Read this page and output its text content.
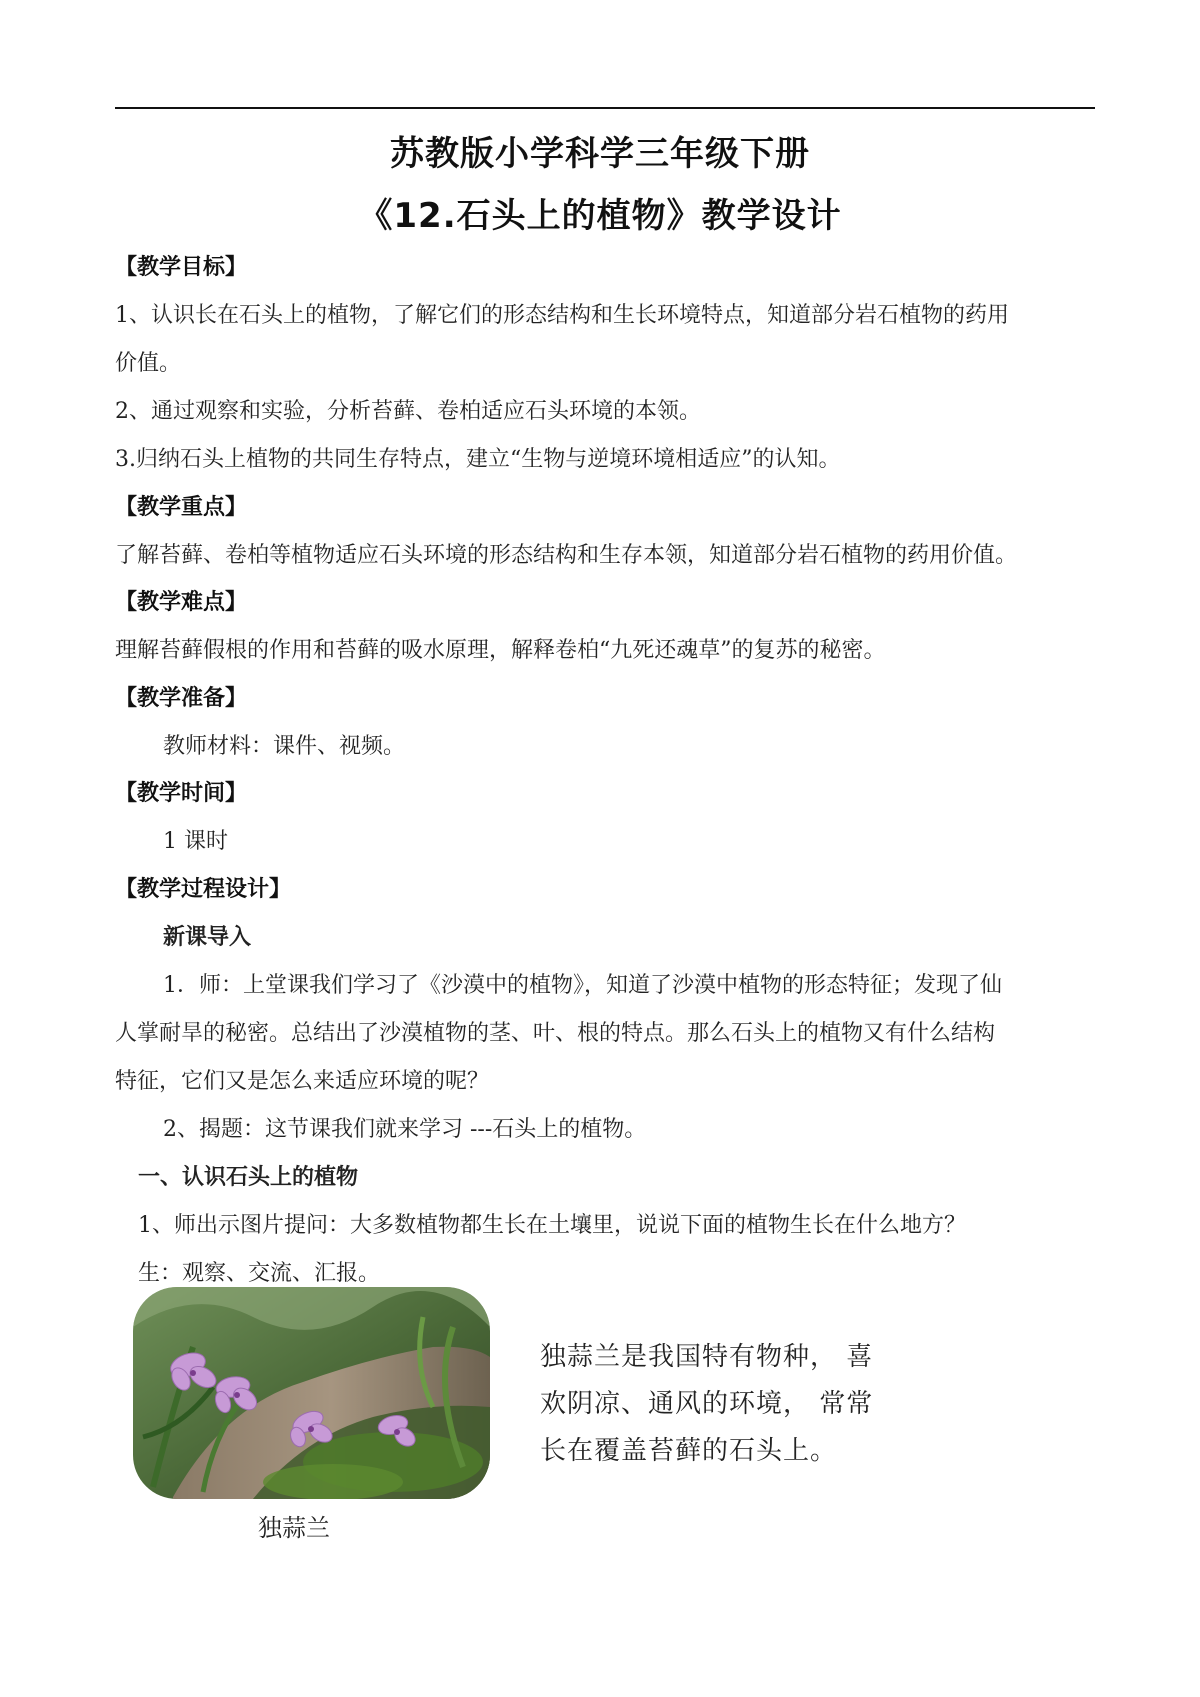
苏教版小学科学三年级下册
《12.石头上的植物》教学设计
【教学目标】
1、认识长在石头上的植物，了解它们的形态结构和生长环境特点，知道部分岩石植物的药用
价值。
2、通过观察和实验，分析苔藓、卷柏适应石头环境的本领。
3.归纳石头上植物的共同生存特点，建立“生物与逆境环境相适应”的认知。
【教学重点】
了解苔藓、卷柏等植物适应石头环境的形态结构和生存本领，知道部分岩石植物的药用价值。
【教学难点】
理解苔藓假根的作用和苔藓的吸水原理，解释卷柏“九死还魂草”的复苏的秘密。
【教学准备】
教师材料：课件、视频。
【教学时间】
1 课时
【教学过程设计】
新课导入
1．师：上堂课我们学习了《沙漠中的植物》，知道了沙漠中植物的形态特征；发现了仙
人掌耐旱的秘密。总结出了沙漠植物的茎、叶、根的特点。那么石头上的植物又有什么结构
特征，它们又是怎么来适应环境的呢？
2、揭题：这节课我们就来学习 ---石头上的植物。
一、认识石头上的植物
1、师出示图片提问：大多数植物都生长在土壤里，说说下面的植物生长在什么地方？
生：观察、交流、汇报。
独蒜兰
独蒜兰是我国特有物种， 喜
欢阴凉、通风的环境， 常常
长在覆盖苔藓的石头上。
